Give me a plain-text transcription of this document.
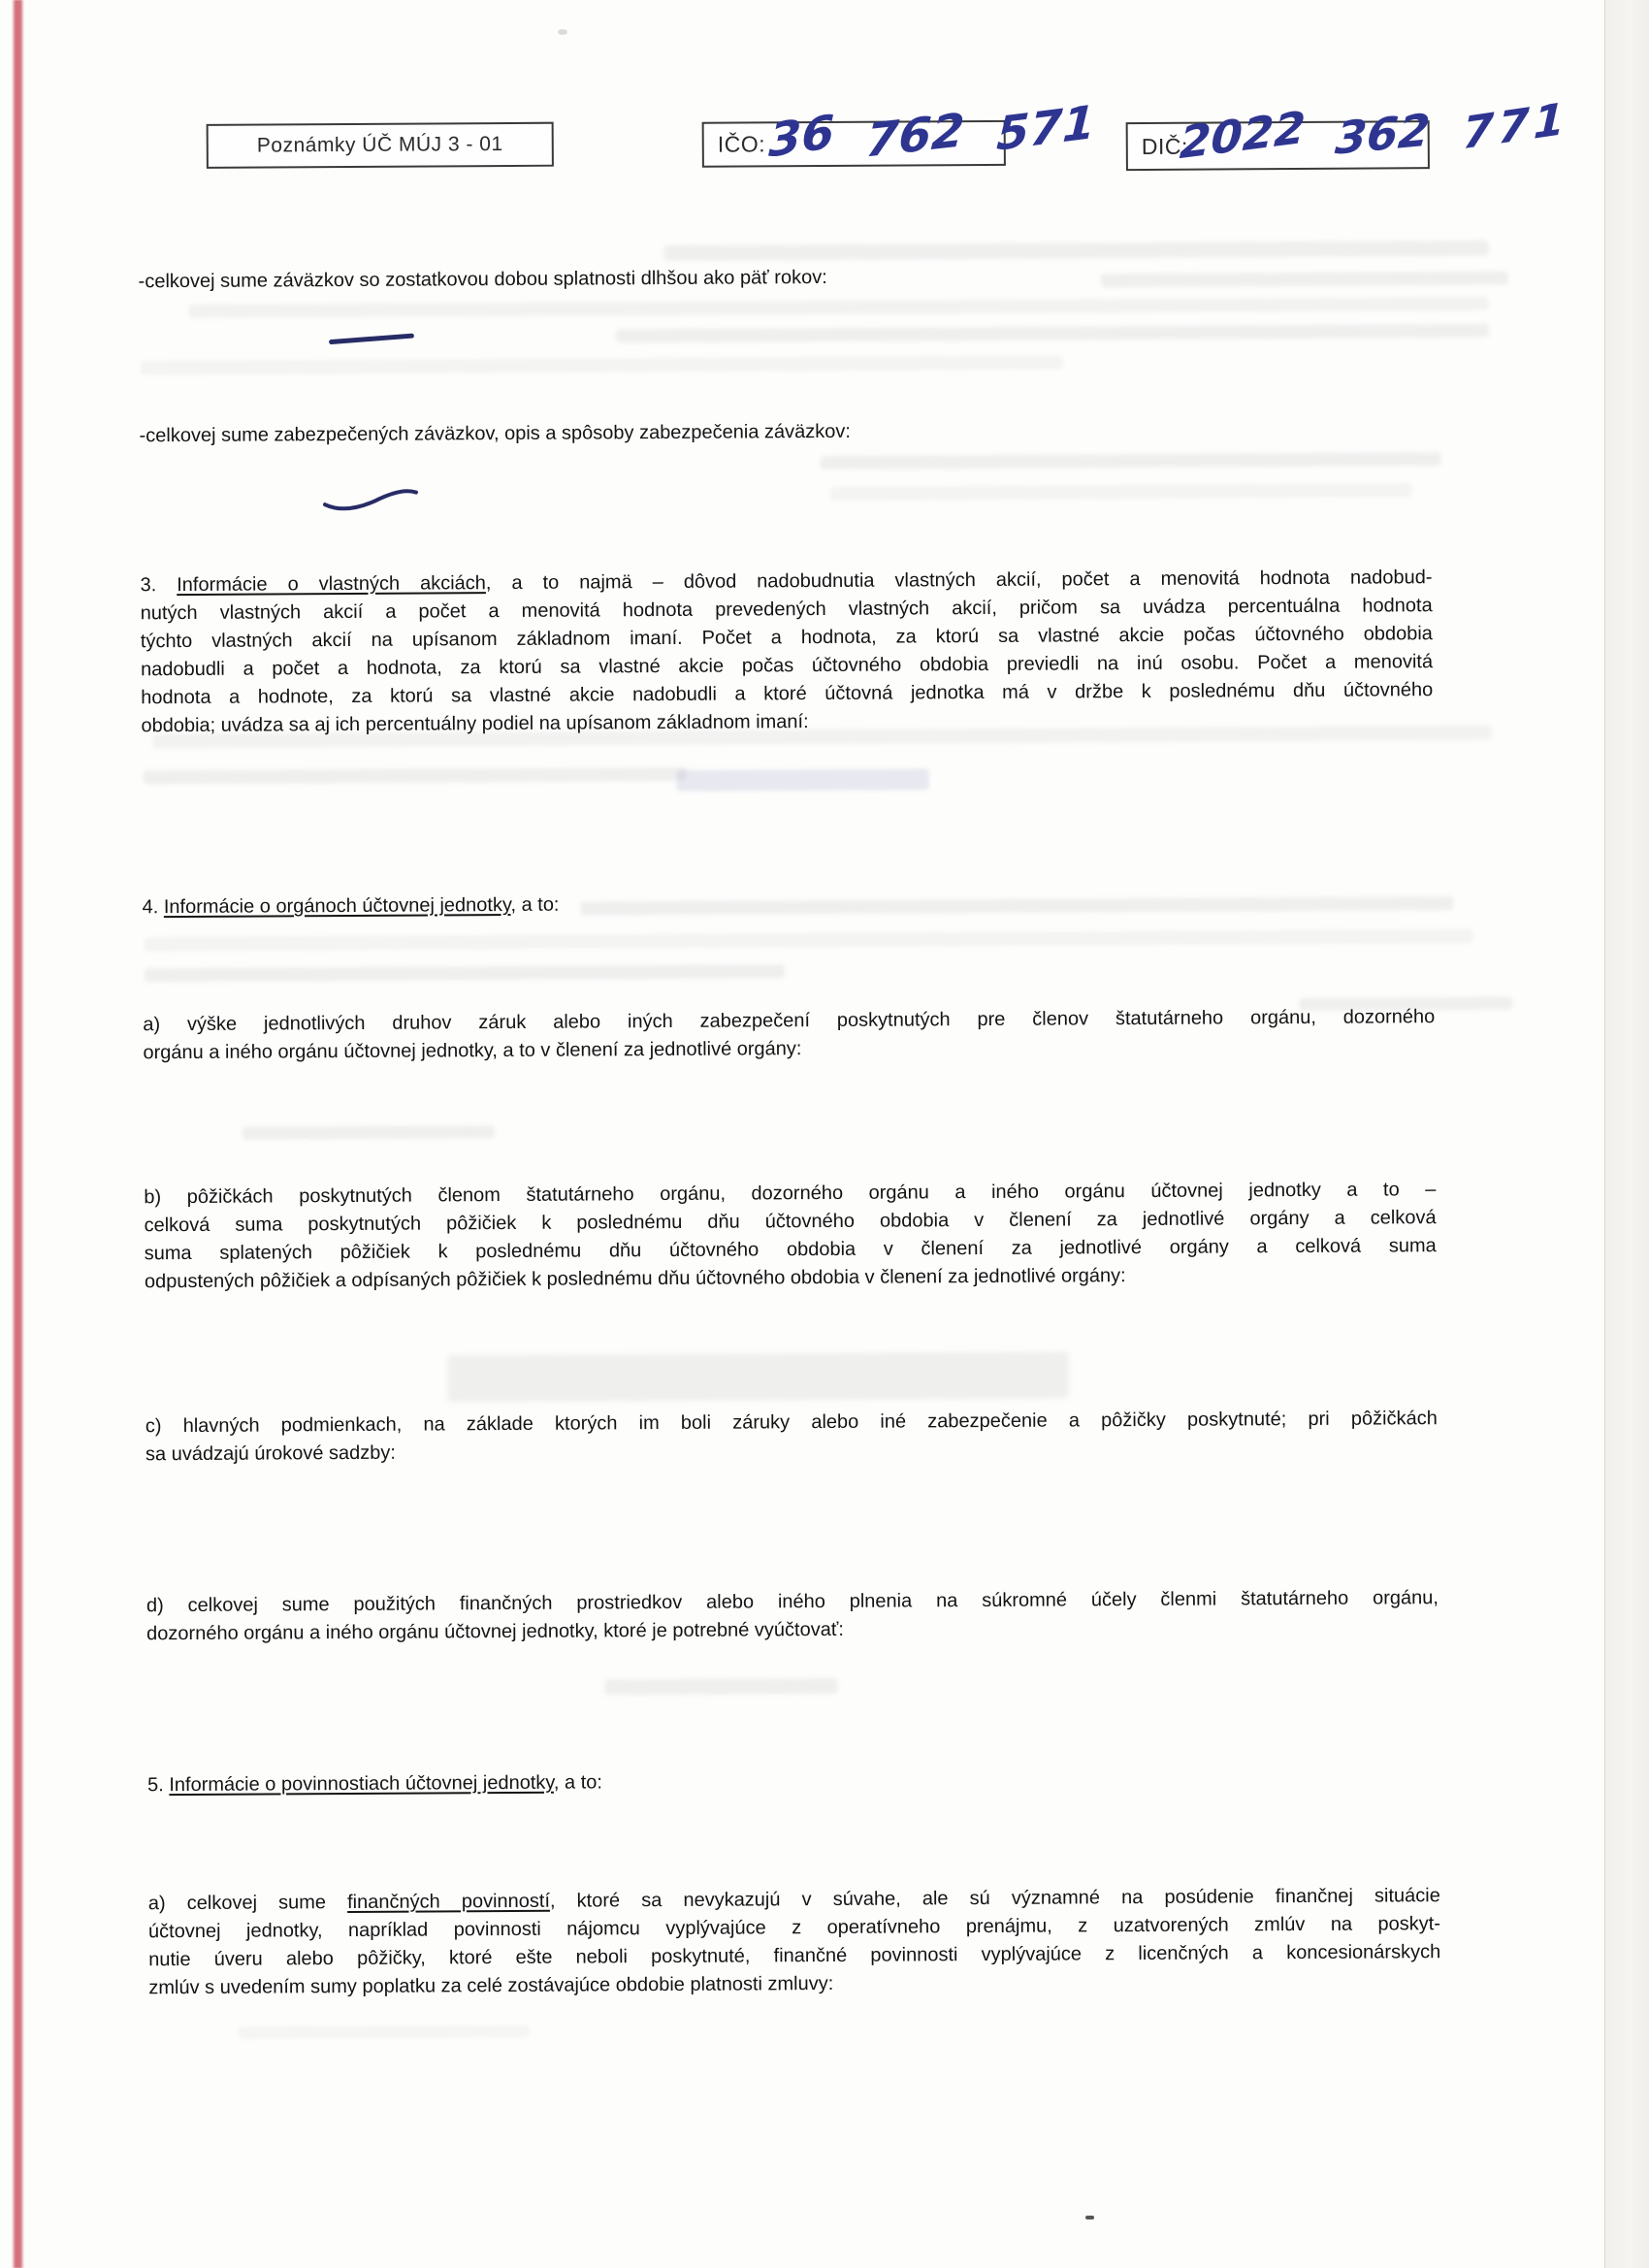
Poznámky ÚČ MÚJ 3 - 01	IČO: 36 762 571 DIČ:
2022 362 771
-celkovej sume záväzkov so zostatkovou dobou splatnosti dlhšou ako päť rokov:
-celkovej sume zabezpečených záväzkov, opis a spôsoby zabezpečenia záväzkov:
3. Informácie o vlastných akciách, a to najmä – dôvod nadobudnutia vlastných akcií, počet a menovitá hodnota nadobud-
nutých vlastných akcií a počet a menovitá hodnota prevedených vlastných akcií, pričom sa uvádza percentuálna hodnota
týchto vlastných akcií na upísanom základnom imaní. Počet a hodnota, za ktorú sa vlastné akcie počas účtovného obdobia
nadobudli a počet a hodnota, za ktorú sa vlastné akcie počas účtovného obdobia previedli na inú osobu. Počet a menovitá
hodnota a hodnote, za ktorú sa vlastné akcie nadobudli a ktoré účtovná jednotka má v držbe k poslednému dňu účtovného
obdobia; uvádza sa aj ich percentuálny podiel na upísanom základnom imaní:
4. Informácie o orgánoch účtovnej jednotky, a to:
a) výške jednotlivých druhov záruk alebo iných zabezpečení poskytnutých pre členov štatutárneho orgánu, dozorného
orgánu a iného orgánu účtovnej jednotky, a to v členení za jednotlivé orgány:
b) pôžičkách poskytnutých členom štatutárneho orgánu, dozorného orgánu a iného orgánu účtovnej jednotky a to –
celková suma poskytnutých pôžičiek k poslednému dňu účtovného obdobia v členení za jednotlivé orgány a celková
suma splatených pôžičiek k poslednému dňu účtovného obdobia v členení za jednotlivé orgány a celková suma
odpustených pôžičiek a odpísaných pôžičiek k poslednému dňu účtovného obdobia v členení za jednotlivé orgány:
c) hlavných podmienkach, na základe ktorých im boli záruky alebo iné zabezpečenie a pôžičky poskytnuté; pri pôžičkách
sa uvádzajú úrokové sadzby:
d) celkovej sume použitých finančných prostriedkov alebo iného plnenia na súkromné účely členmi štatutárneho orgánu,
dozorného orgánu a iného orgánu účtovnej jednotky, ktoré je potrebné vyúčtovať:
5. Informácie o povinnostiach účtovnej jednotky, a to:
a) celkovej sume finančných povinností, ktoré sa nevykazujú v súvahe, ale sú významné na posúdenie finančnej situácie
účtovnej jednotky, napríklad povinnosti nájomcu vyplývajúce z operatívneho prenájmu, z uzatvorených zmlúv na poskyt-
nutie úveru alebo pôžičky, ktoré ešte neboli poskytnuté, finančné povinnosti vyplývajúce z licenčných a koncesionárskych
zmlúv s uvedením sumy poplatku za celé zostávajúce obdobie platnosti zmluvy:
